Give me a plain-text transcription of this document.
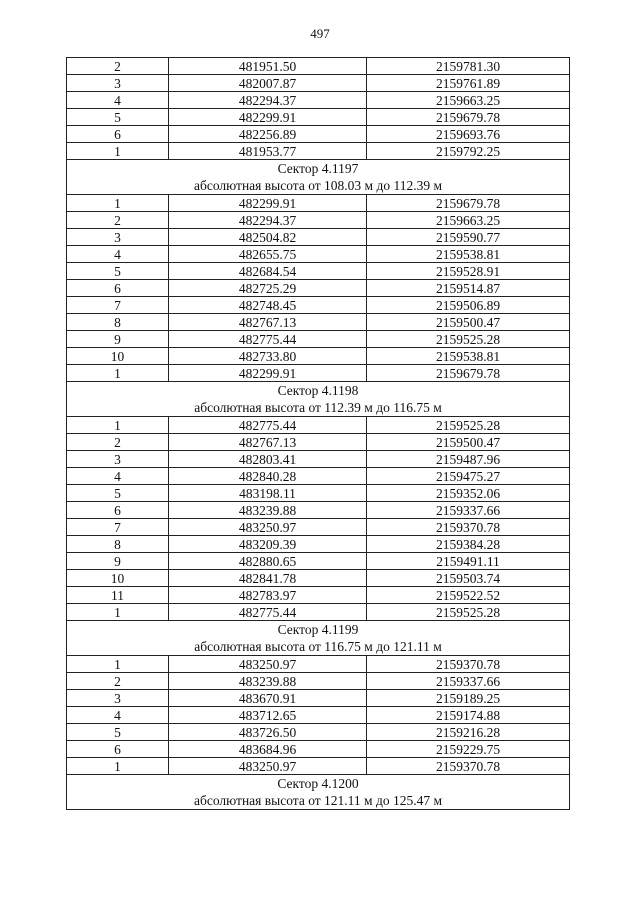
497
2	481951.50	2159781.30
3	482007.87	2159761.89
4	482294.37	2159663.25
5	482299.91	2159679.78
6	482256.89	2159693.76
1	481953.77	2159792.25
Сектор 4.1197		
абсолютная высота от 108.03 м до 112.39 м		
1	482299.91	2159679.78
2	482294.37	2159663.25
3	482504.82	2159590.77
4	482655.75	2159538.81
5	482684.54	2159528.91
6	482725.29	2159514.87
7	482748.45	2159506.89
8	482767.13	2159500.47
9	482775.44	2159525.28
10	482733.80	2159538.81
1	482299.91	2159679.78
Сектор 4.1198		
абсолютная высота от 112.39 м до 116.75 м		
1	482775.44	2159525.28
2	482767.13	2159500.47
3	482803.41	2159487.96
4	482840.28	2159475.27
5	483198.11	2159352.06
6	483239.88	2159337.66
7	483250.97	2159370.78
8	483209.39	2159384.28
9	482880.65	2159491.11
10	482841.78	2159503.74
11	482783.97	2159522.52
1	482775.44	2159525.28
Сектор 4.1199		
абсолютная высота от 116.75 м до 121.11 м		
1	483250.97	2159370.78
2	483239.88	2159337.66
3	483670.91	2159189.25
4	483712.65	2159174.88
5	483726.50	2159216.28
6	483684.96	2159229.75
1	483250.97	2159370.78
Сектор 4.1200		
абсолютная высота от 121.11 м до 125.47 м		
